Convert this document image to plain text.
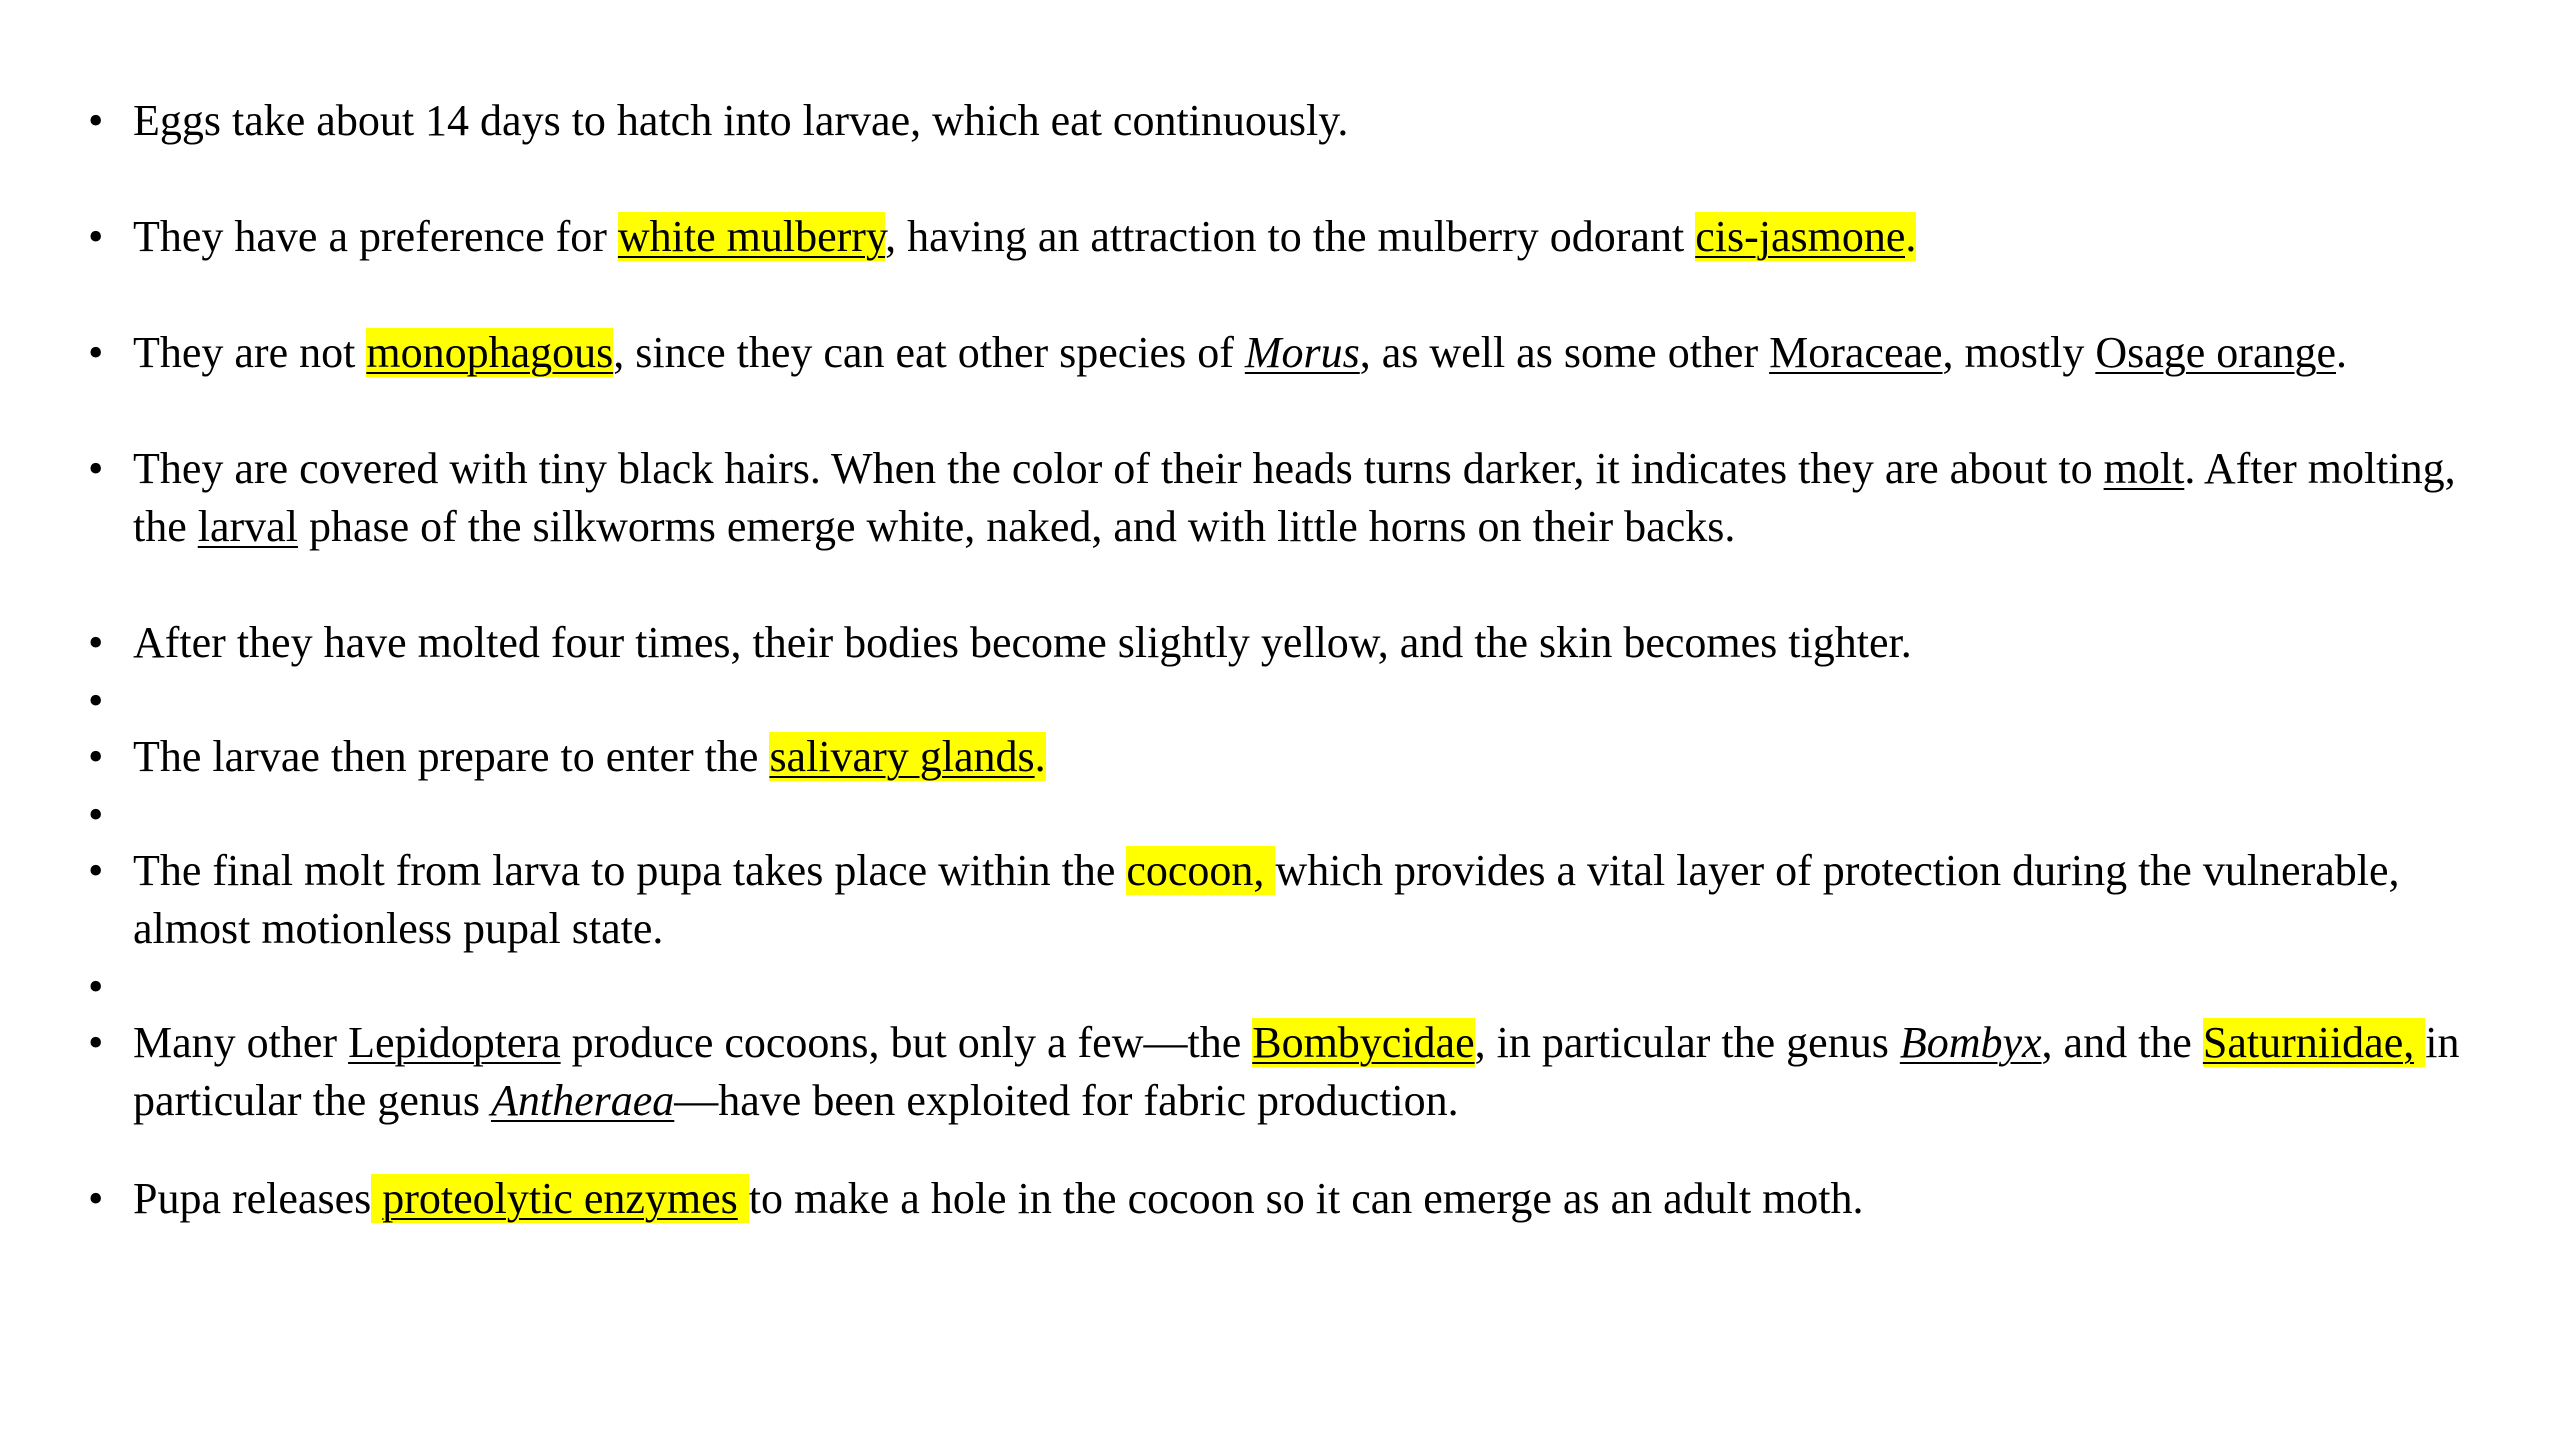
• Eggs take about 14 days to hatch into larvae, which eat continuously.
• They have a preference for white mulberry, having an attraction to the mulberry odorant cis-jasmone.
• They are not monophagous, since they can eat other species of Morus, as well as some other Moraceae, mostly Osage orange.
• They are covered with tiny black hairs. When the color of their heads turns darker, it indicates they are about to molt. After molting, the larval phase of the silkworms emerge white, naked, and with little horns on their backs.
• After they have molted four times, their bodies become slightly yellow, and the skin becomes tighter.
•
• The larvae then prepare to enter the salivary glands.
•
• The final molt from larva to pupa takes place within the cocoon, which provides a vital layer of protection during the vulnerable, almost motionless pupal state.
•
• Many other Lepidoptera produce cocoons, but only a few—the Bombycidae, in particular the genus Bombyx, and the Saturniidae, in particular the genus Antheraea—have been exploited for fabric production.
• Pupa releases proteolytic enzymes to make a hole in the cocoon so it can emerge as an adult moth.
